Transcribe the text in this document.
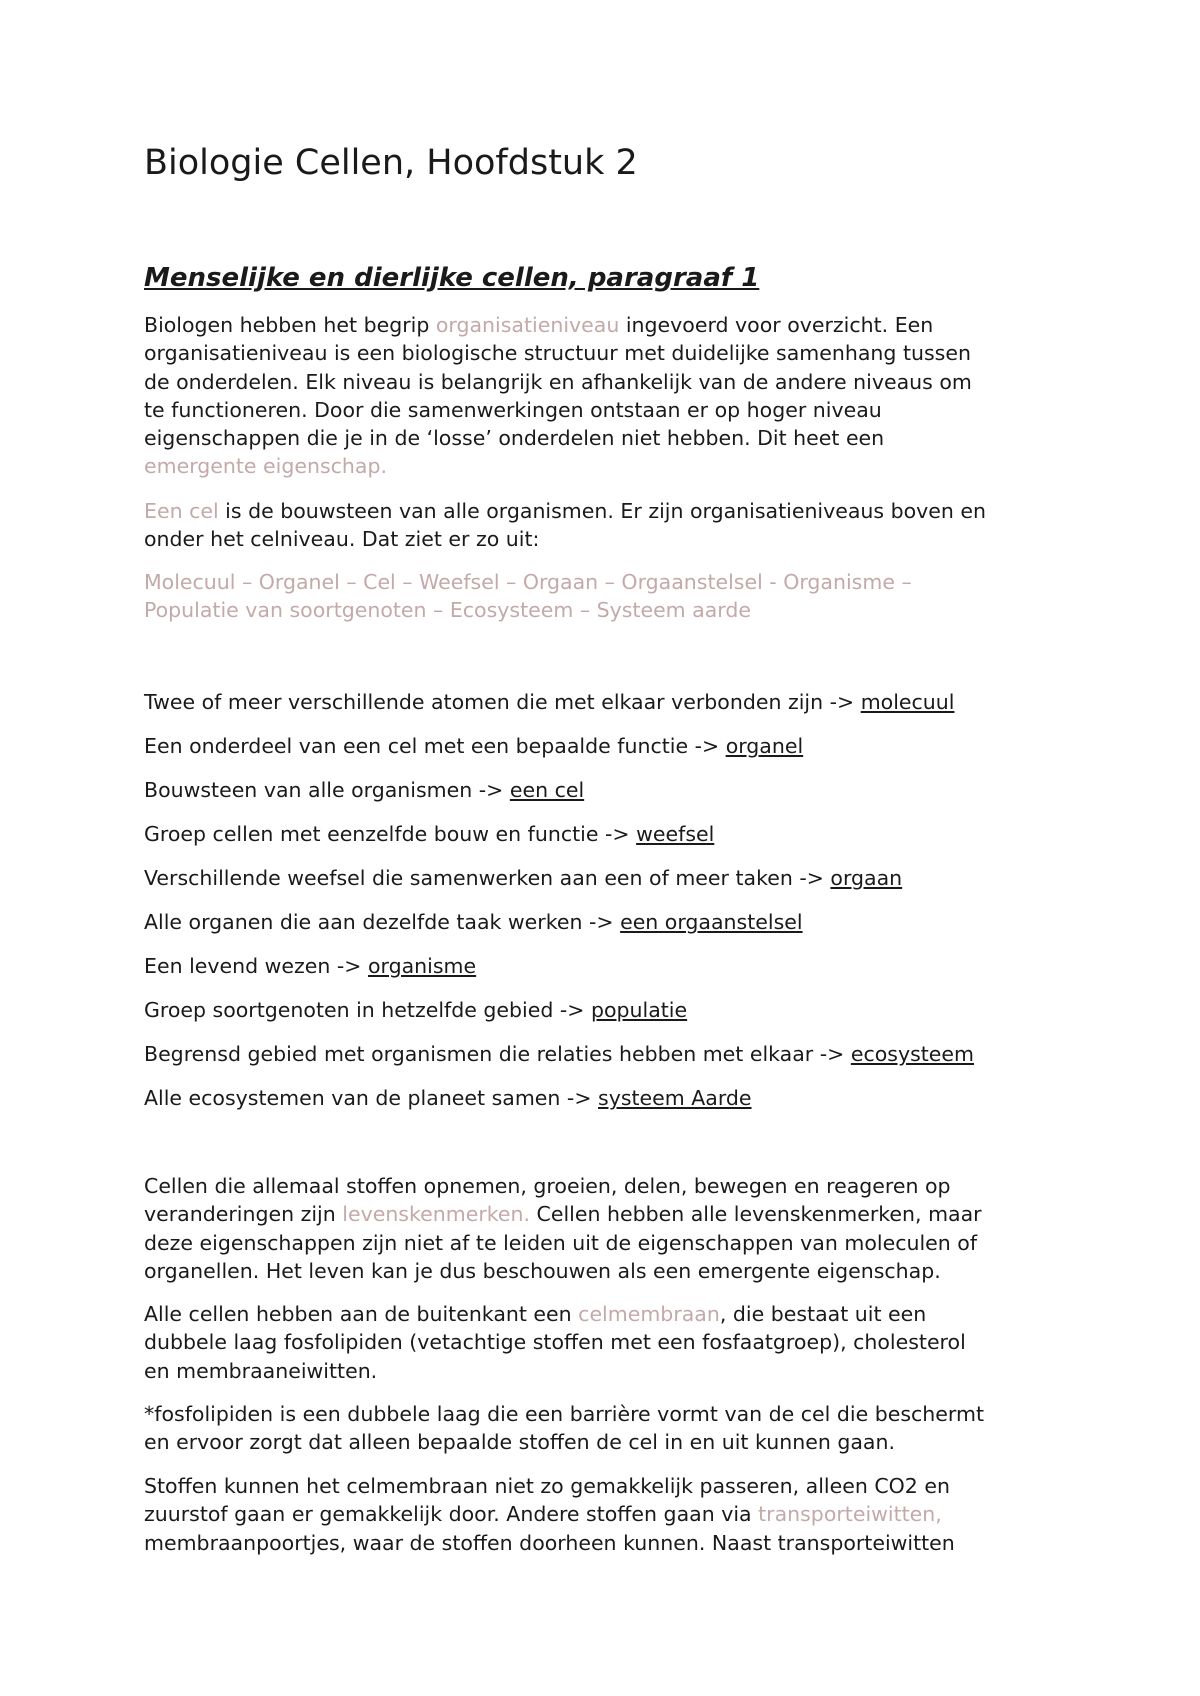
Biologie Cellen, Hoofdstuk 2
Menselijke en dierlijke cellen, paragraaf 1

Biologen hebben het begrip organisatieniveau ingevoerd voor overzicht. Een
organisatieniveau is een biologische structuur met duidelijke samenhang tussen
de onderdelen. Elk niveau is belangrijk en afhankelijk van de andere niveaus om
te functioneren. Door die samenwerkingen ontstaan er op hoger niveau
eigenschappen die je in de ‘losse’ onderdelen niet hebben. Dit heet een
emergente eigenschap.

Een cel is de bouwsteen van alle organismen. Er zijn organisatieniveaus boven en
onder het celniveau. Dat ziet er zo uit:

Molecuul – Organel – Cel – Weefsel – Orgaan – Orgaanstelsel - Organisme –
Populatie van soortgenoten – Ecosysteem – Systeem aarde

Twee of meer verschillende atomen die met elkaar verbonden zijn -> molecuul

Een onderdeel van een cel met een bepaalde functie -> organel

Bouwsteen van alle organismen -> een cel

Groep cellen met eenzelfde bouw en functie -> weefsel

Verschillende weefsel die samenwerken aan een of meer taken -> orgaan

Alle organen die aan dezelfde taak werken -> een orgaanstelsel

Een levend wezen -> organisme

Groep soortgenoten in hetzelfde gebied -> populatie

Begrensd gebied met organismen die relaties hebben met elkaar -> ecosysteem

Alle ecosystemen van de planeet samen -> systeem Aarde

Cellen die allemaal stoffen opnemen, groeien, delen, bewegen en reageren op
veranderingen zijn levenskenmerken. Cellen hebben alle levenskenmerken, maar
deze eigenschappen zijn niet af te leiden uit de eigenschappen van moleculen of
organellen. Het leven kan je dus beschouwen als een emergente eigenschap.

Alle cellen hebben aan de buitenkant een celmembraan, die bestaat uit een
dubbele laag fosfolipiden (vetachtige stoffen met een fosfaatgroep), cholesterol
en membraaneiwitten.

*fosfolipiden is een dubbele laag die een barrière vormt van de cel die beschermt
en ervoor zorgt dat alleen bepaalde stoffen de cel in en uit kunnen gaan.

Stoffen kunnen het celmembraan niet zo gemakkelijk passeren, alleen CO2 en
zuurstof gaan er gemakkelijk door. Andere stoffen gaan via transporteiwitten,
membraanpoortjes, waar de stoffen doorheen kunnen. Naast transporteiwitten
